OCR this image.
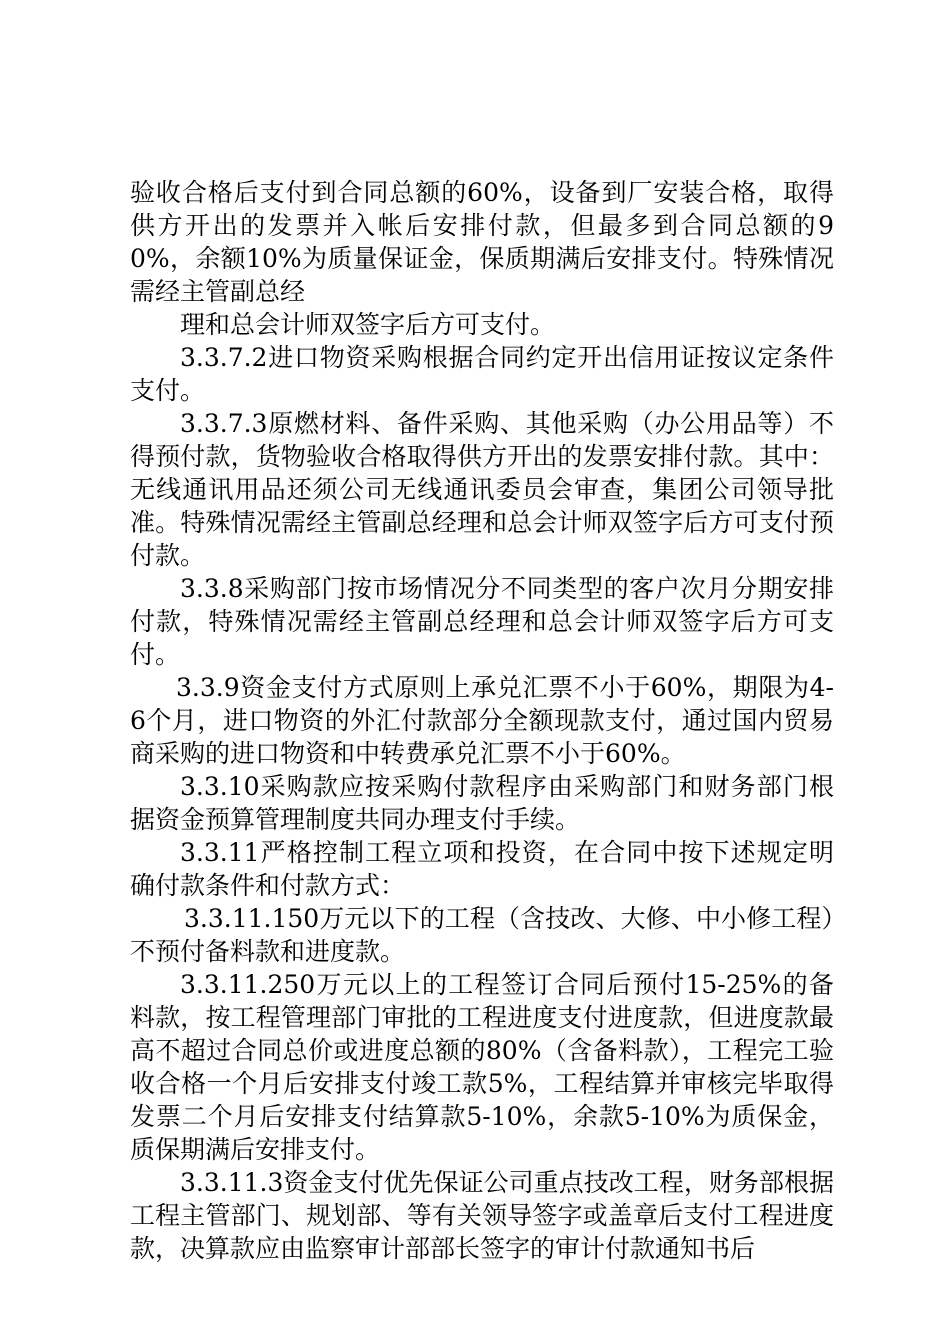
验收合格后支付到合同总额的60%，设备到厂安装合格，取得供方开出的发票并入帐后安排付款，但最多到合同总额的90%，余额10%为质量保证金，保质期满后安排支付。特殊情况需经主管副总经

理和总会计师双签字后方可支付。

3.3.7.2进口物资采购根据合同约定开出信用证按议定条件支付。

3.3.7.3原燃材料、备件采购、其他采购（办公用品等）不得预付款，货物验收合格取得供方开出的发票安排付款。其中：无线通讯用品还须公司无线通讯委员会审查，集团公司领导批准。特殊情况需经主管副总经理和总会计师双签字后方可支付预付款。

3.3.8采购部门按市场情况分不同类型的客户次月分期安排付款，特殊情况需经主管副总经理和总会计师双签字后方可支付。

3.3.9资金支付方式原则上承兑汇票不小于60%，期限为4-6个月，进口物资的外汇付款部分全额现款支付，通过国内贸易商采购的进口物资和中转费承兑汇票不小于60%。

3.3.10采购款应按采购付款程序由采购部门和财务部门根据资金预算管理制度共同办理支付手续。

3.3.11严格控制工程立项和投资，在合同中按下述规定明确付款条件和付款方式：

3.3.11.150万元以下的工程（含技改、大修、中小修工程）不预付备料款和进度款。

3.3.11.250万元以上的工程签订合同后预付15-25%的备料款，按工程管理部门审批的工程进度支付进度款，但进度款最高不超过合同总价或进度总额的80%（含备料款），工程完工验收合格一个月后安排支付竣工款5%，工程结算并审核完毕取得发票二个月后安排支付结算款5-10%，余款5-10%为质保金，质保期满后安排支付。

3.3.11.3资金支付优先保证公司重点技改工程，财务部根据工程主管部门、规划部、等有关领导签字或盖章后支付工程进度款，决算款应由监察审计部部长签字的审计付款通知书后
